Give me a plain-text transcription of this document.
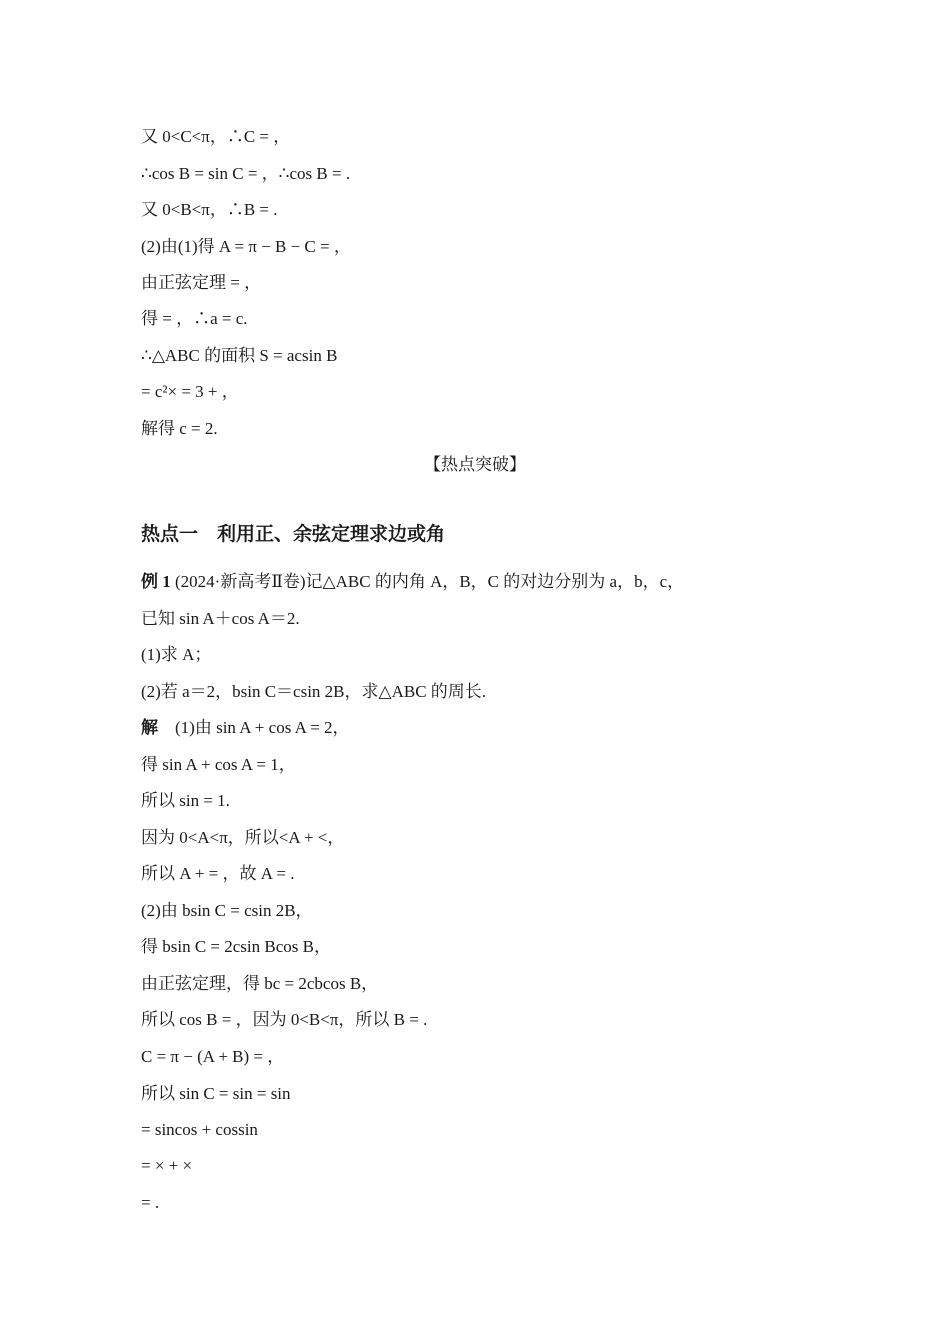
又 0<C<π，∴C = ，
∴cos B = sin C = ，∴cos B = .
又 0<B<π，∴B = .
(2)由(1)得 A = π − B − C = ，
由正弦定理 = ，
得 = ，∴a = c.
∴△ABC 的面积 S = acsin B
= c²× = 3 + ，
解得 c = 2.
【热点突破】
热点一　利用正、余弦定理求边或角
例 1 (2024·新高考Ⅱ卷)记△ABC 的内角 A，B，C 的对边分别为 a，b，c，
已知 sin A＋cos A＝2.
(1)求 A；
(2)若 a＝2，bsin C＝csin 2B，求△ABC 的周长.
解　(1)由 sin A + cos A = 2，
得 sin A + cos A = 1，
所以 sin = 1.
因为 0<A<π，所以<A + <，
所以 A + = ，故 A = .
(2)由 bsin C = csin 2B，
得 bsin C = 2csin Bcos B，
由正弦定理，得 bc = 2cbcos B，
所以 cos B = ，因为 0<B<π，所以 B = .
C = π − (A + B) = ，
所以 sin C = sin = sin
= sincos + cossin
= × + ×
= .
